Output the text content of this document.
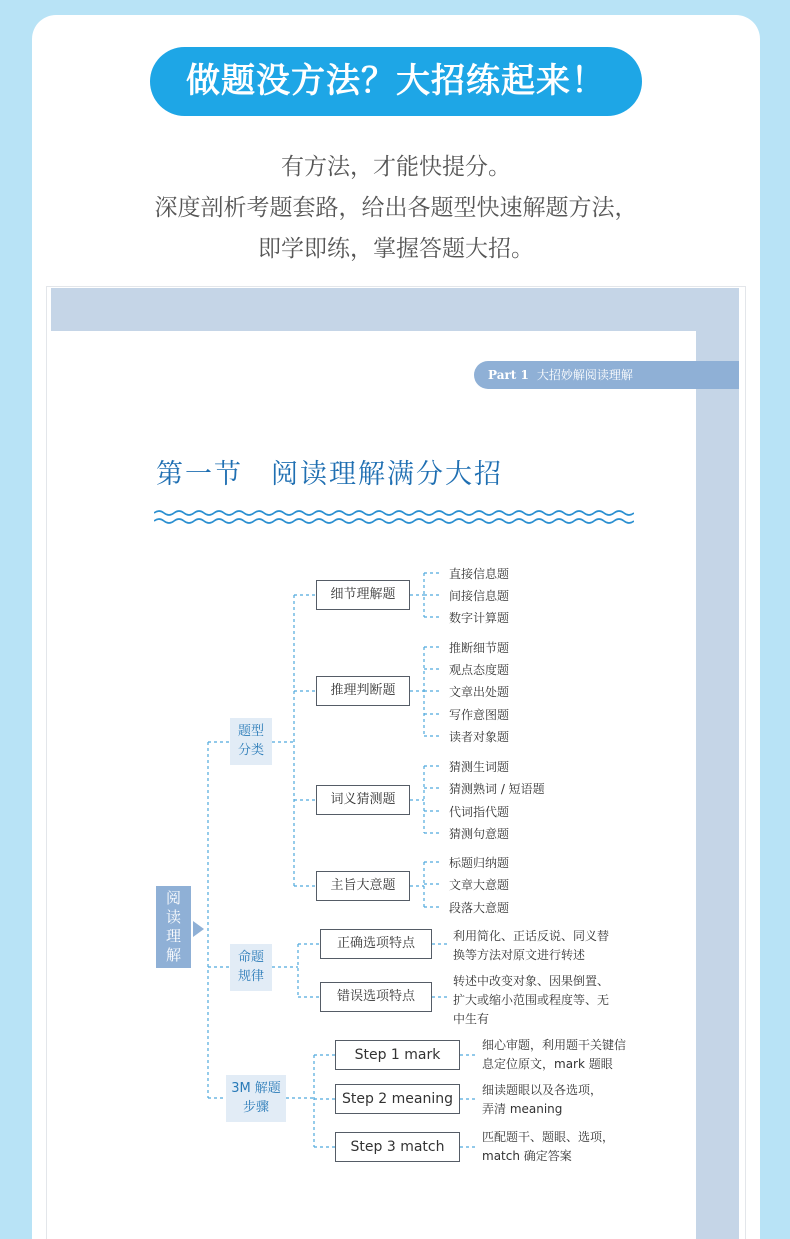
做题没方法？大招练起来！
有方法，才能快提分。
深度剖析考题套路，给出各题型快速解题方法，
即学即练，掌握答题大招。
Part 1 大招妙解阅读理解
第一节 阅读理解满分大招
阅读理解
题型
分类
命题
规律
3M 解题
步骤
细节理解题
推理判断题
词义猜测题
主旨大意题
直接信息题
间接信息题
数字计算题
推断细节题
观点态度题
文章出处题
写作意图题
读者对象题
猜测生词题
猜测熟词 / 短语题
代词指代题
猜测句意题
标题归纳题
文章大意题
段落大意题
正确选项特点
错误选项特点
利用简化、正话反说、同义替
换等方法对原文进行转述
转述中改变对象、因果倒置、
扩大或缩小范围或程度等、无
中生有
Step 1 mark
Step 2 meaning
Step 3 match
细心审题，利用题干关键信
息定位原文，mark 题眼
细读题眼以及各选项，
弄清 meaning
匹配题干、题眼、选项，
match 确定答案
